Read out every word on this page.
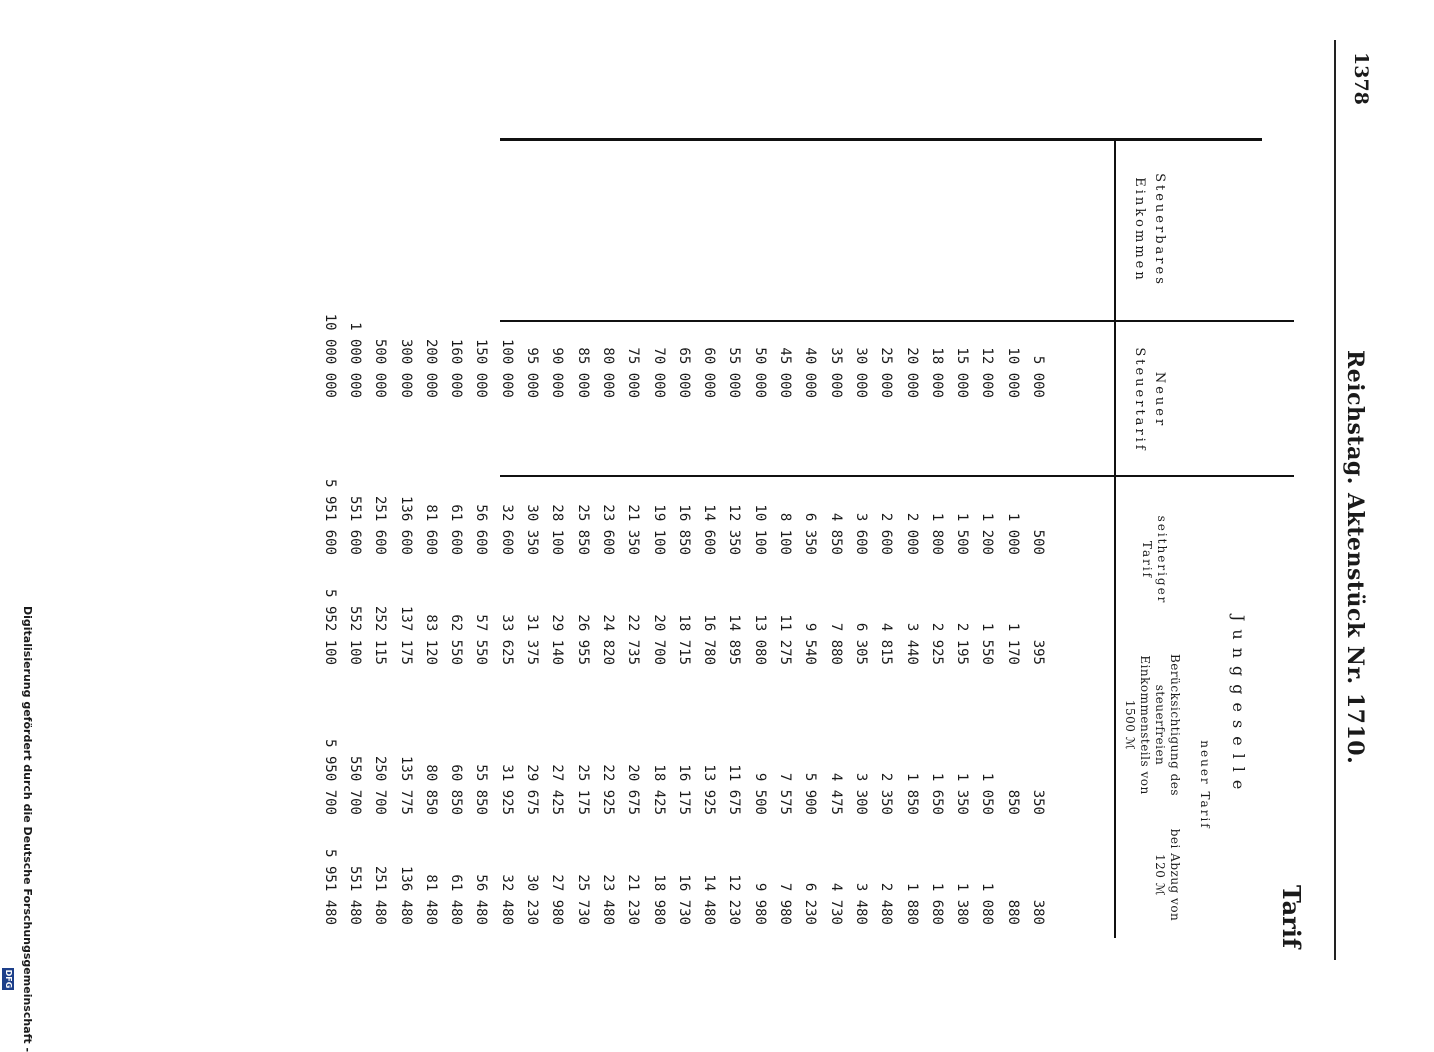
1378
Reichstag. Aktenstück Nr. 1710.
Tarif
Junggeselle
Steuerbares Einkommen
Neuer Steuertarif
seitheriger Tarif
neuer Tarif
Berücksichtigung des steuerfreien Einkommensteils von 1500 ℳ
bei Abzug von 120 ℳ
5 000
500
395
350
380
10 000
1 000
1 170
850
880
12 000
1 200
1 550
1 050
1 080
15 000
1 500
2 195
1 350
1 380
18 000
1 800
2 925
1 650
1 680
20 000
2 000
3 440
1 850
1 880
25 000
2 600
4 815
2 350
2 480
30 000
3 600
6 305
3 300
3 480
35 000
4 850
7 880
4 475
4 730
40 000
6 350
9 540
5 900
6 230
45 000
8 100
11 275
7 575
7 980
50 000
10 100
13 080
9 500
9 980
55 000
12 350
14 895
11 675
12 230
60 000
14 600
16 780
13 925
14 480
65 000
16 850
18 715
16 175
16 730
70 000
19 100
20 700
18 425
18 980
75 000
21 350
22 735
20 675
21 230
80 000
23 600
24 820
22 925
23 480
85 000
25 850
26 955
25 175
25 730
90 000
28 100
29 140
27 425
27 980
95 000
30 350
31 375
29 675
30 230
100 000
32 600
33 625
31 925
32 480
150 000
56 600
57 550
55 850
56 480
160 000
61 600
62 550
60 850
61 480
200 000
81 600
83 120
80 850
81 480
300 000
136 600
137 175
135 775
136 480
500 000
251 600
252 115
250 700
251 480
1 000 000
551 600
552 100
550 700
551 480
10 000 000
5 951 600
5 952 100
5 950 700
5 951 480
Digitalisierung gefördert durch die Deutsche Forschungsgemeinschaft -
DFG
